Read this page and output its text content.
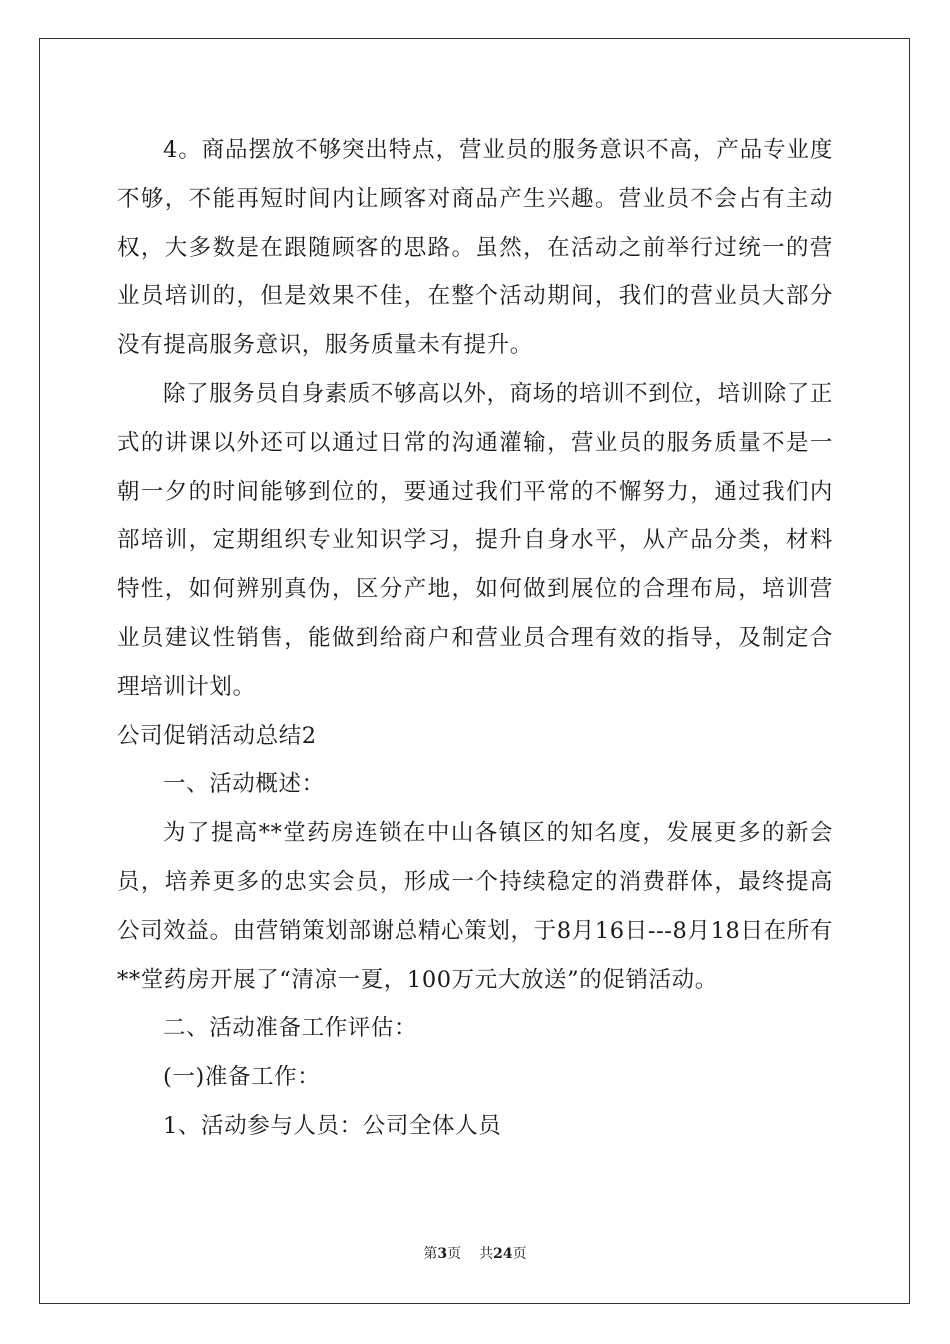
4。商品摆放不够突出特点，营业员的服务意识不高，产品专业度不够，不能再短时间内让顾客对商品产生兴趣。营业员不会占有主动权，大多数是在跟随顾客的思路。虽然，在活动之前举行过统一的营业员培训的，但是效果不佳，在整个活动期间，我们的营业员大部分没有提高服务意识，服务质量未有提升。

除了服务员自身素质不够高以外，商场的培训不到位，培训除了正式的讲课以外还可以通过日常的沟通灌输，营业员的服务质量不是一朝一夕的时间能够到位的，要通过我们平常的不懈努力，通过我们内部培训，定期组织专业知识学习，提升自身水平，从产品分类，材料特性，如何辨别真伪，区分产地，如何做到展位的合理布局，培训营业员建议性销售，能做到给商户和营业员合理有效的指导，及制定合理培训计划。

公司促销活动总结2

一、活动概述：

为了提高**堂药房连锁在中山各镇区的知名度，发展更多的新会员，培养更多的忠实会员，形成一个持续稳定的消费群体，最终提高公司效益。由营销策划部谢总精心策划，于8月16日---8月18日在所有**堂药房开展了“清凉一夏，100万元大放送”的促销活动。

二、活动准备工作评估：

(一)准备工作：

1、活动参与人员：公司全体人员

第3页 共24页
